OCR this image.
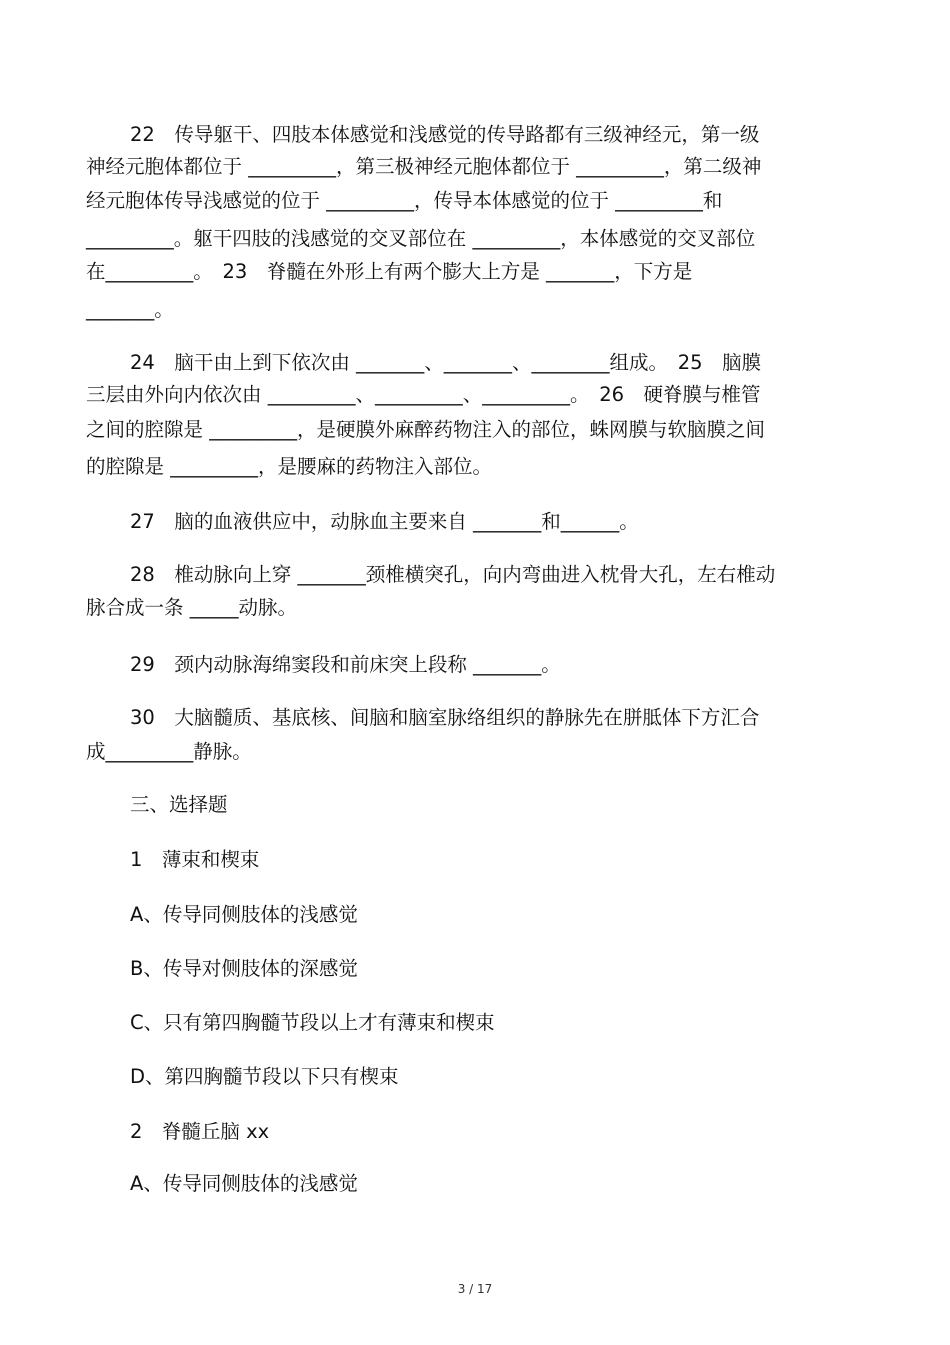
22　传导躯干、四肢本体感觉和浅感觉的传导路都有三级神经元，第一级
神经元胞体都位于 _________，第三极神经元胞体都位于 _________，第二级神
经元胞体传导浅感觉的位于 _________，传导本体感觉的位于 _________和
_________。躯干四肢的浅感觉的交叉部位在 _________，本体感觉的交叉部位
在_________。　23　脊髓在外形上有两个膨大上方是 _______，下方是
_______。
24　脑干由上到下依次由 _______、_______、________组成。　25　脑膜
三层由外向内依次由 _________、_________、_________。　26　硬脊膜与椎管
之间的腔隙是 _________，是硬膜外麻醉药物注入的部位，蛛网膜与软脑膜之间
的腔隙是 _________，是腰麻的药物注入部位。
27　脑的血液供应中，动脉血主要来自 _______和______。
28　椎动脉向上穿 _______颈椎横突孔，向内弯曲进入枕骨大孔，左右椎动
脉合成一条 _____动脉。
29　颈内动脉海绵窦段和前床突上段称 _______。
30　大脑髓质、基底核、间脑和脑室脉络组织的静脉先在胼胝体下方汇合
成_________静脉。
三、选择题
1　薄束和楔束
A、传导同侧肢体的浅感觉
B、传导对侧肢体的深感觉
C、只有第四胸髓节段以上才有薄束和楔束
D、第四胸髓节段以下只有楔束
2　脊髓丘脑 xx
A、传导同侧肢体的浅感觉
3 / 17
